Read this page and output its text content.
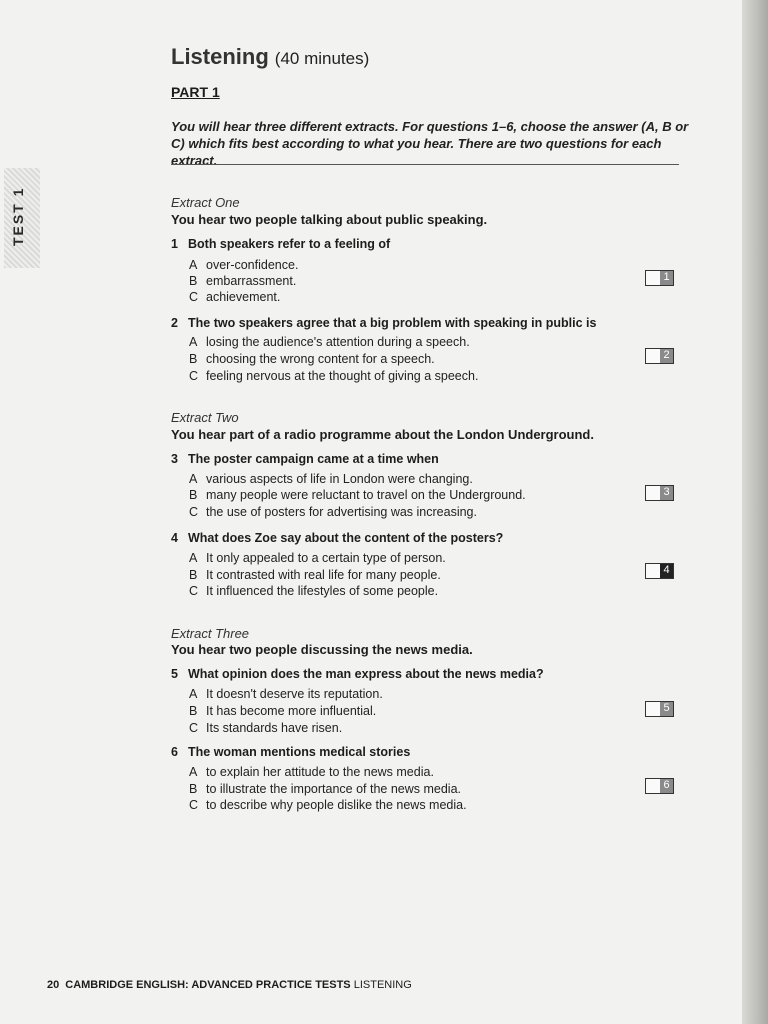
TEST 1
Listening (40 minutes)
PART 1
You will hear three different extracts. For questions 1–6, choose the answer (A, B or C) which fits best according to what you hear. There are two questions for each extract.
Extract One
You hear two people talking about public speaking.
1 Both speakers refer to a feeling of
A over-confidence.
B embarrassment.
C achievement.
1
2 The two speakers agree that a big problem with speaking in public is
A losing the audience's attention during a speech.
B choosing the wrong content for a speech.
C feeling nervous at the thought of giving a speech.
2
Extract Two
You hear part of a radio programme about the London Underground.
3 The poster campaign came at a time when
A various aspects of life in London were changing.
B many people were reluctant to travel on the Underground.
C the use of posters for advertising was increasing.
3
4 What does Zoe say about the content of the posters?
A It only appealed to a certain type of person.
B It contrasted with real life for many people.
C It influenced the lifestyles of some people.
4
Extract Three
You hear two people discussing the news media.
5 What opinion does the man express about the news media?
A It doesn't deserve its reputation.
B It has become more influential.
C Its standards have risen.
5
6 The woman mentions medical stories
A to explain her attitude to the news media.
B to illustrate the importance of the news media.
C to describe why people dislike the news media.
6
20 CAMBRIDGE ENGLISH: ADVANCED PRACTICE TESTS LISTENING
